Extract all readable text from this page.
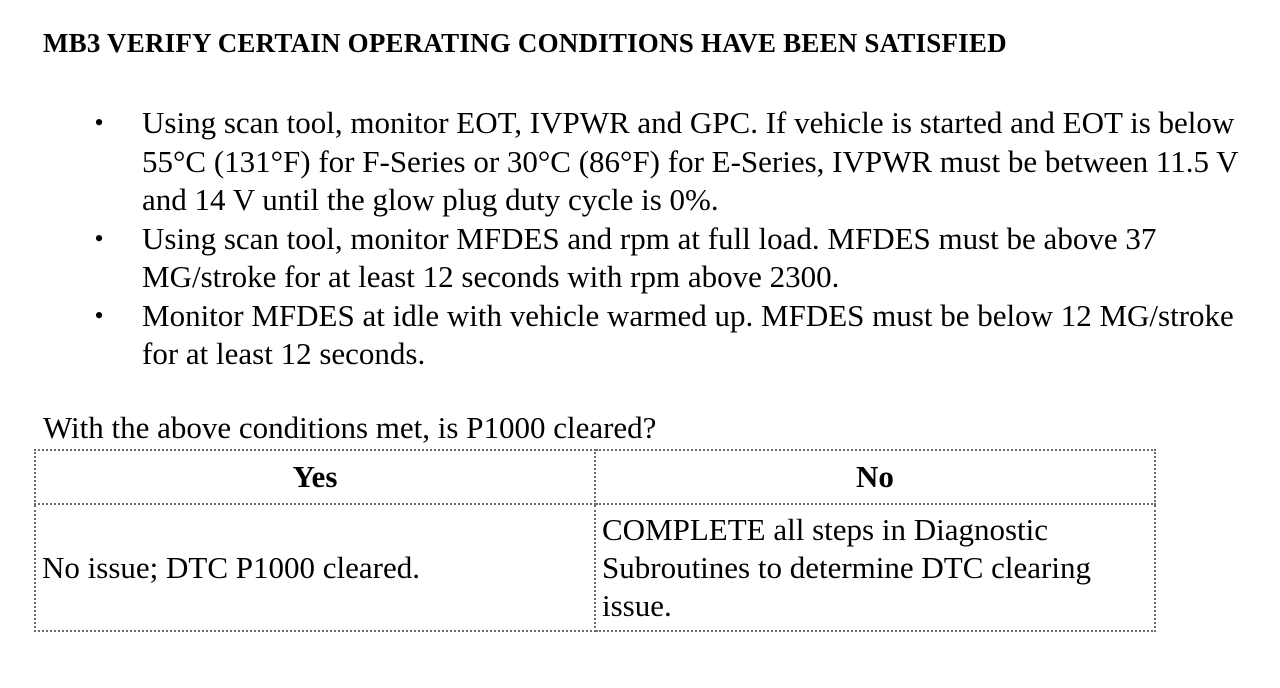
MB3 VERIFY CERTAIN OPERATING CONDITIONS HAVE BEEN SATISFIED
• Using scan tool, monitor EOT, IVPWR and GPC. If vehicle is started and EOT is below 55°C (131°F) for F-Series or 30°C (86°F) for E-Series, IVPWR must be between 11.5 V and 14 V until the glow plug duty cycle is 0%.
• Using scan tool, monitor MFDES and rpm at full load. MFDES must be above 37 MG/stroke for at least 12 seconds with rpm above 2300.
• Monitor MFDES at idle with vehicle warmed up. MFDES must be below 12 MG/stroke for at least 12 seconds.

With the above conditions met, is P1000 cleared?

Yes	No
No issue; DTC P1000 cleared.	COMPLETE all steps in Diagnostic Subroutines to determine DTC clearing issue.
